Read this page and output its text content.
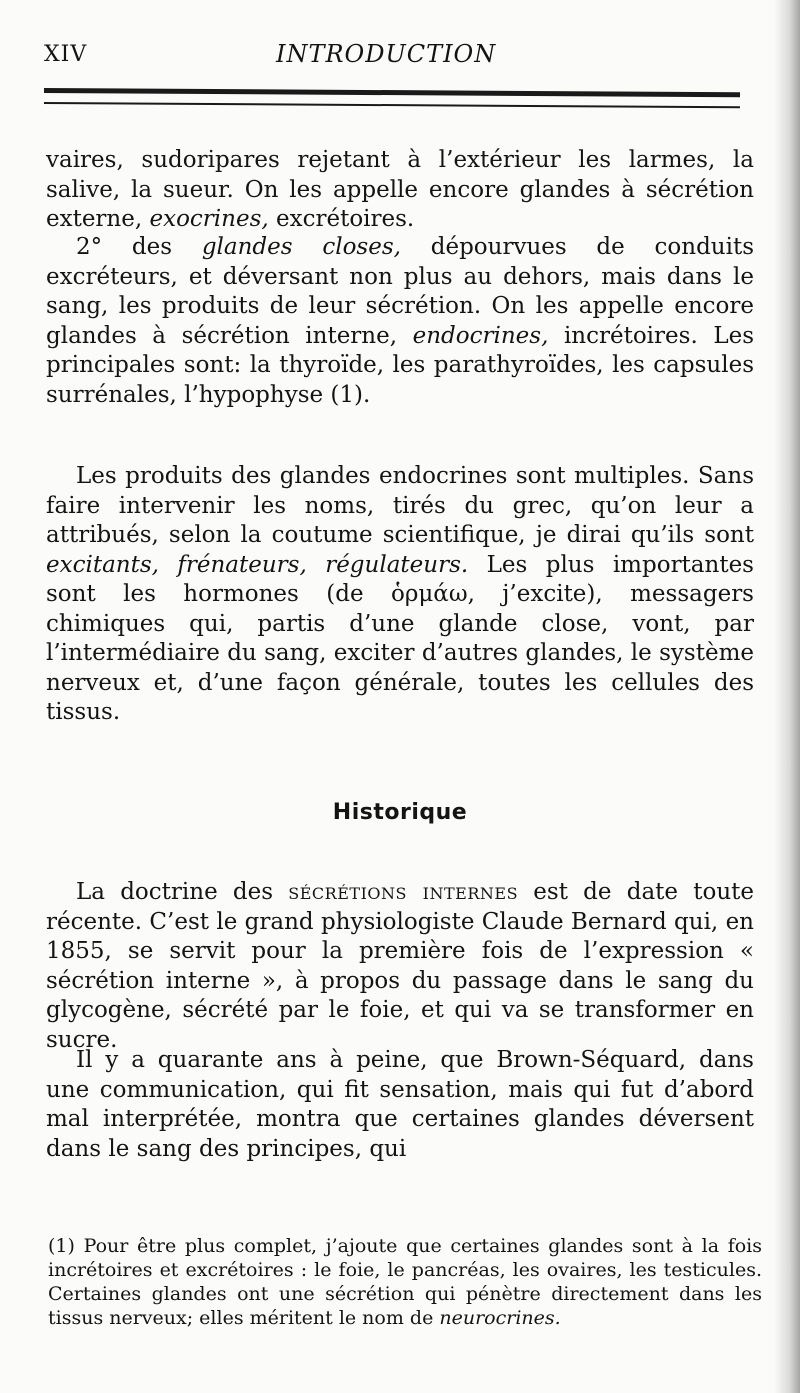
XIV	INTRODUCTION

vaires, sudoripares rejetant à l’extérieur les larmes, la salive, la sueur. On les appelle encore glandes à sécrétion externe, exocrines, excrétoires.

2° des glandes closes, dépourvues de conduits excréteurs, et déversant non plus au dehors, mais dans le sang, les produits de leur sécrétion. On les appelle encore glandes à sécrétion interne, endocrines, incrétoires. Les principales sont: la thyroïde, les parathyroïdes, les capsules surrénales, l’hypophyse (1).

Les produits des glandes endocrines sont multiples. Sans faire intervenir les noms, tirés du grec, qu’on leur a attribués, selon la coutume scientifique, je dirai qu’ils sont excitants, frénateurs, régulateurs. Les plus importantes sont les hormones (de ὁρμάω, j’excite), messagers chimiques qui, partis d’une glande close, vont, par l’intermédiaire du sang, exciter d’autres glandes, le système nerveux et, d’une façon générale, toutes les cellules des tissus.

Historique

La doctrine des sécrétions internes est de date toute récente. C’est le grand physiologiste Claude Bernard qui, en 1855, se servit pour la première fois de l’expression « sécrétion interne », à propos du passage dans le sang du glycogène, sécrété par le foie, et qui va se transformer en sucre.

Il y a quarante ans à peine, que Brown-Séquard, dans une communication, qui fit sensation, mais qui fut d’abord mal interprétée, montra que certaines glandes déversent dans le sang des principes, qui

(1) Pour être plus complet, j’ajoute que certaines glandes sont à la fois incrétoires et excrétoires : le foie, le pancréas, les ovaires, les testicules. Certaines glandes ont une sécrétion qui pénètre directement dans les tissus nerveux; elles méritent le nom de neurocrines.
